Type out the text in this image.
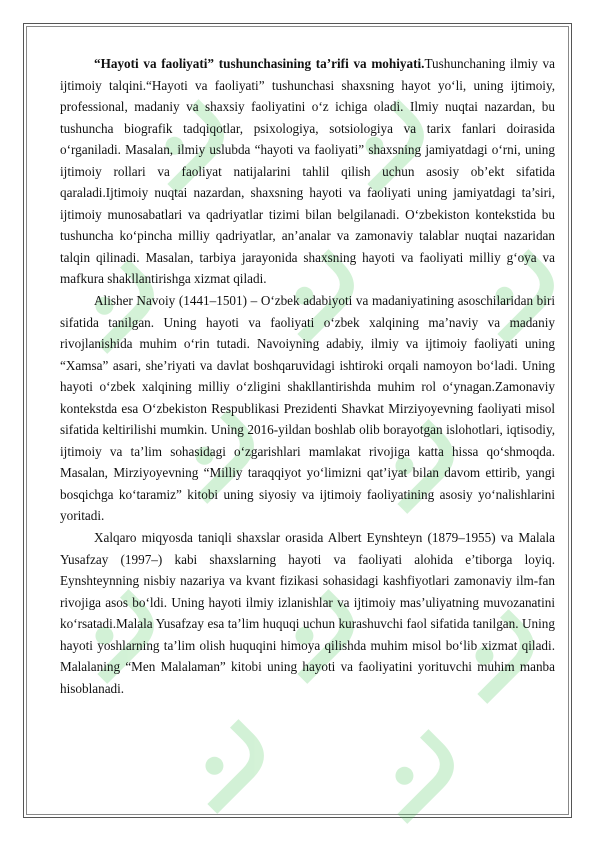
“Hayoti va faoliyati” tushunchasining ta’rifi va mohiyati.Tushunchaning ilmiy va ijtimoiy talqini.“Hayoti va faoliyati” tushunchasi shaxsning hayot yo‘li, uning ijtimoiy, professional, madaniy va shaxsiy faoliyatini o‘z ichiga oladi. Ilmiy nuqtai nazardan, bu tushuncha biografik tadqiqotlar, psixologiya, sotsiologiya va tarix fanlari doirasida o‘rganiladi. Masalan, ilmiy uslubda “hayoti va faoliyati” shaxsning jamiyatdagi o‘rni, uning ijtimoiy rollari va faoliyat natijalarini tahlil qilish uchun asosiy ob’ekt sifatida qaraladi.Ijtimoiy nuqtai nazardan, shaxsning hayoti va faoliyati uning jamiyatdagi ta’siri, ijtimoiy munosabatlari va qadriyatlar tizimi bilan belgilanadi. O‘zbekiston kontekstida bu tushuncha ko‘pincha milliy qadriyatlar, an’analar va zamonaviy talablar nuqtai nazaridan talqin qilinadi. Masalan, tarbiya jarayonida shaxsning hayoti va faoliyati milliy g‘oya va mafkura shakllantirishga xizmat qiladi.

Alisher Navoiy (1441–1501) – O‘zbek adabiyoti va madaniyatining asoschilaridan biri sifatida tanilgan. Uning hayoti va faoliyati o‘zbek xalqining ma’naviy va madaniy rivojlanishida muhim o‘rin tutadi. Navoiyning adabiy, ilmiy va ijtimoiy faoliyati uning “Xamsa” asari, she’riyati va davlat boshqaruvidagi ishtiroki orqali namoyon bo‘ladi. Uning hayoti o‘zbek xalqining milliy o‘zligini shakllantirishda muhim rol o‘ynagan.Zamonaviy kontekstda esa O‘zbekiston Respublikasi Prezidenti Shavkat Mirziyoyevning faoliyati misol sifatida keltirilishi mumkin. Uning 2016-yildan boshlab olib borayotgan islohotlari, iqtisodiy, ijtimoiy va ta’lim sohasidagi o‘zgarishlari mamlakat rivojiga katta hissa qo‘shmoqda. Masalan, Mirziyoyevning “Milliy taraqqiyot yo‘limizni qat’iyat bilan davom ettirib, yangi bosqichga ko‘taramiz” kitobi uning siyosiy va ijtimoiy faoliyatining asosiy yo‘nalishlarini yoritadi.

Xalqaro miqyosda taniqli shaxslar orasida Albert Eynshteyn (1879–1955) va Malala Yusafzay (1997–) kabi shaxslarning hayoti va faoliyati alohida e’tiborga loyiq. Eynshteynning nisbiy nazariya va kvant fizikasi sohasidagi kashfiyotlari zamonaviy ilm-fan rivojiga asos bo‘ldi. Uning hayoti ilmiy izlanishlar va ijtimoiy mas’uliyatning muvozanatini ko‘rsatadi.Malala Yusafzay esa ta’lim huquqi uchun kurashuvchi faol sifatida tanilgan. Uning hayoti yoshlarning ta’lim olish huquqini himoya qilishda muhim misol bo‘lib xizmat qiladi. Malalaning “Men Malalaman” kitobi uning hayoti va faoliyatini yorituvchi muhim manba hisoblanadi.
